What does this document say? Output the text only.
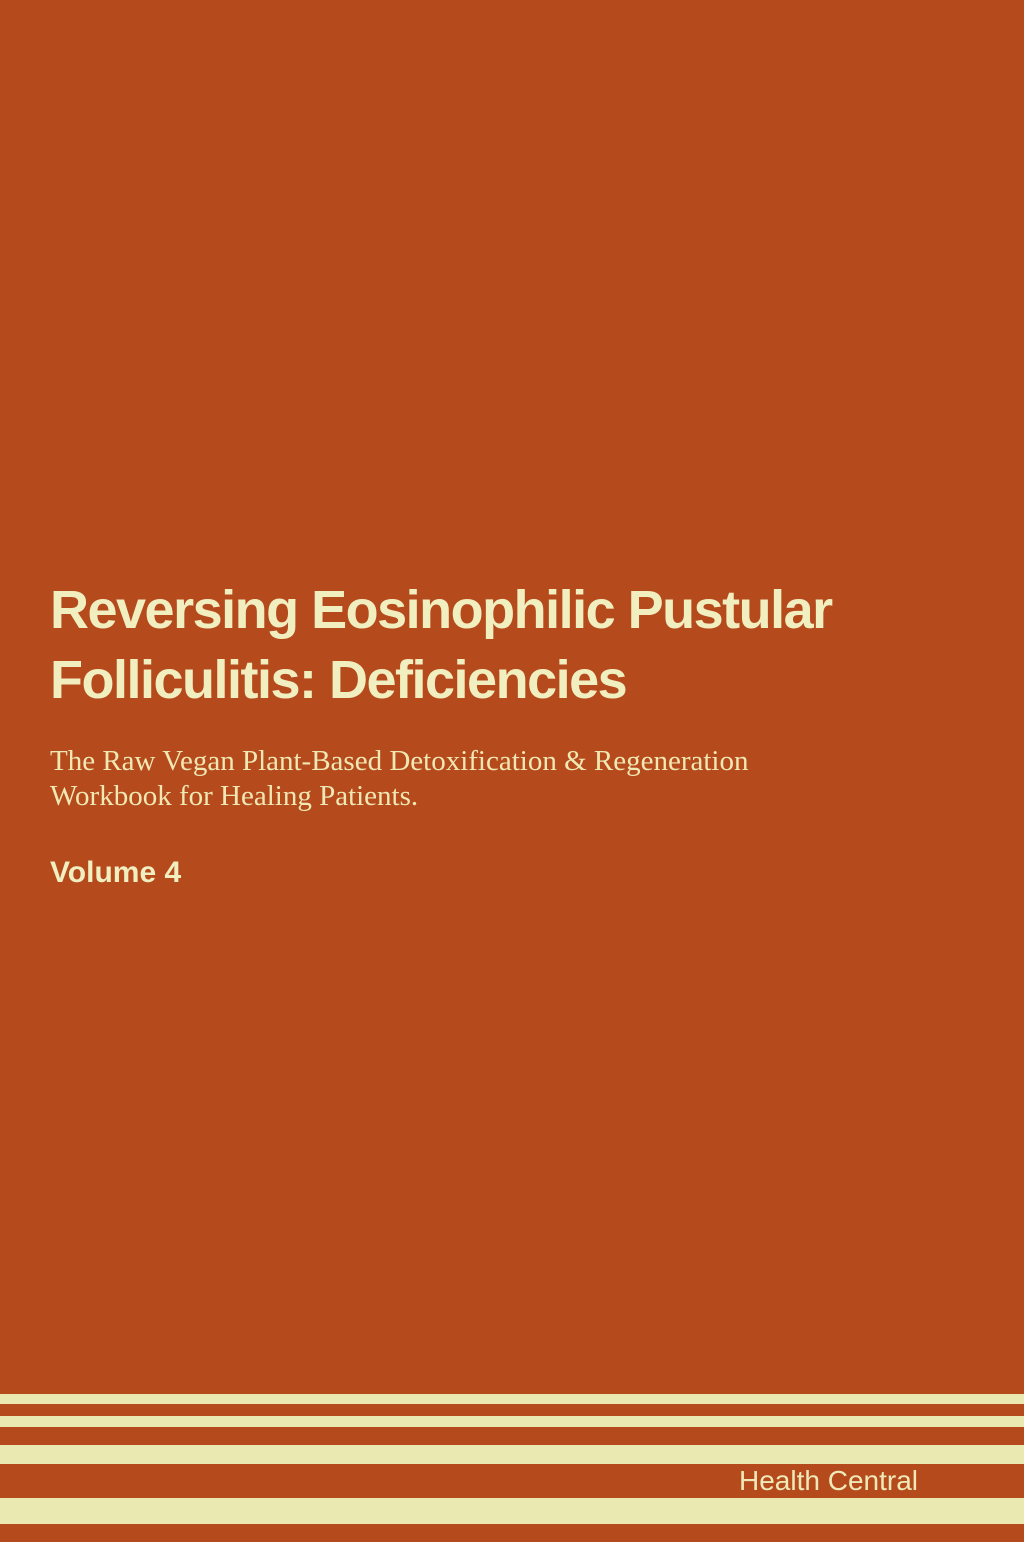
Reversing Eosinophilic Pustular
Folliculitis: Deficiencies

The Raw Vegan Plant-Based Detoxification & Regeneration
Workbook for Healing Patients.

Volume 4

Health Central
